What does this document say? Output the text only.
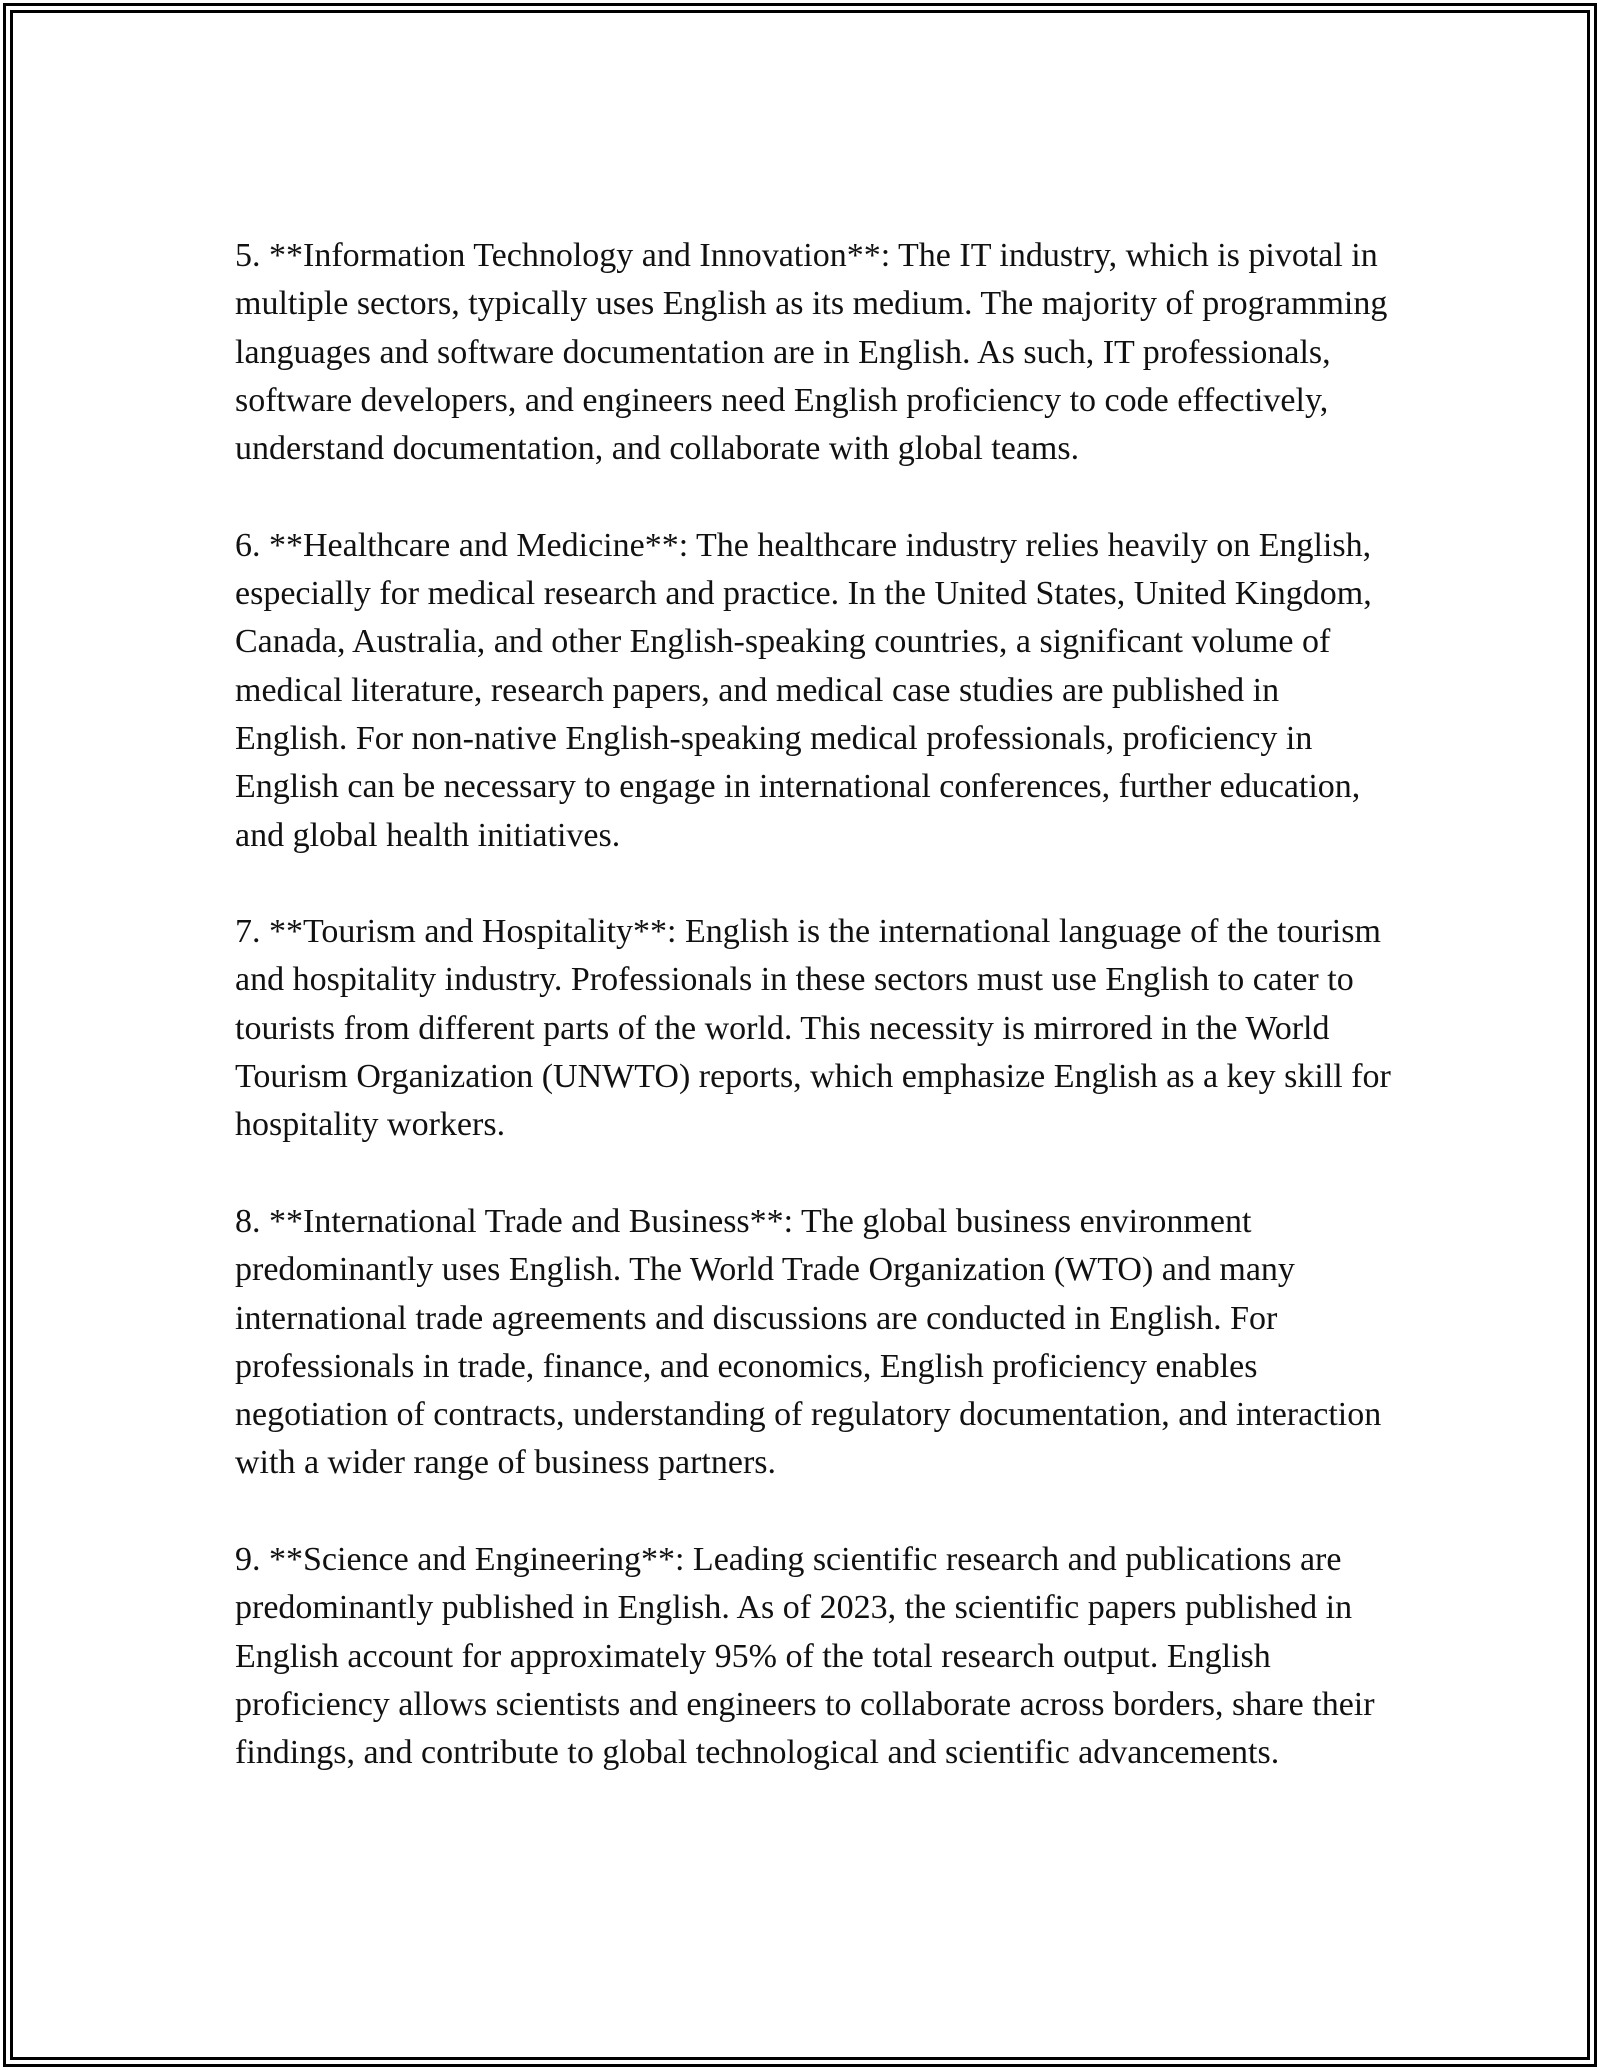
5. **Information Technology and Innovation**: The IT industry, which is pivotal in multiple sectors, typically uses English as its medium. The majority of programming languages and software documentation are in English. As such, IT professionals, software developers, and engineers need English proficiency to code effectively, understand documentation, and collaborate with global teams.

6. **Healthcare and Medicine**: The healthcare industry relies heavily on English, especially for medical research and practice. In the United States, United Kingdom, Canada, Australia, and other English-speaking countries, a significant volume of medical literature, research papers, and medical case studies are published in English. For non-native English-speaking medical professionals, proficiency in English can be necessary to engage in international conferences, further education, and global health initiatives.

7. **Tourism and Hospitality**: English is the international language of the tourism and hospitality industry. Professionals in these sectors must use English to cater to tourists from different parts of the world. This necessity is mirrored in the World Tourism Organization (UNWTO) reports, which emphasize English as a key skill for hospitality workers.

8. **International Trade and Business**: The global business environment predominantly uses English. The World Trade Organization (WTO) and many international trade agreements and discussions are conducted in English. For professionals in trade, finance, and economics, English proficiency enables negotiation of contracts, understanding of regulatory documentation, and interaction with a wider range of business partners.

9. **Science and Engineering**: Leading scientific research and publications are predominantly published in English. As of 2023, the scientific papers published in English account for approximately 95% of the total research output. English proficiency allows scientists and engineers to collaborate across borders, share their findings, and contribute to global technological and scientific advancements.
